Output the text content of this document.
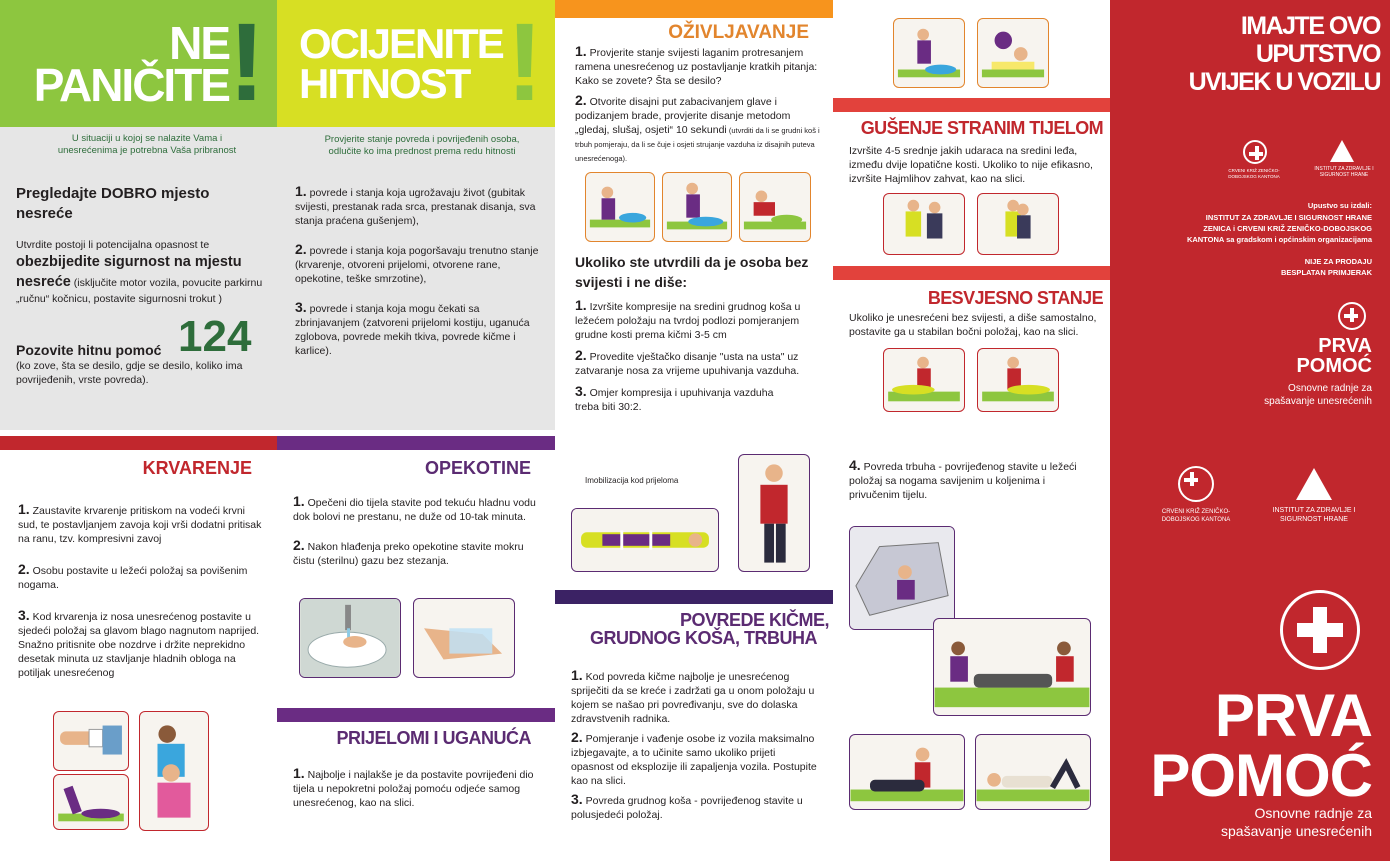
NE
PANIČITE !
U situaciji u kojoj se nalazite Vama i unesrećenima je potrebna Vaša pribranost
Pregledajte DOBRO mjesto nesreće
Utvrdite postoji li potencijalna opasnost te
obezbijedite sigurnost na mjestu nesreće (isključite motor vozila, povucite parkirnu „ručnu“ kočnicu, postavite sigurnosni trokut )
Pozovite hitnu pomoć 124
(ko zove, šta se desilo, gdje se desilo, koliko ima povrijeđenih, vrste povreda).
OCIJENITE
HITNOST !
Provjerite stanje povreda i povrijeđenih osoba, odlučite ko ima prednost prema redu hitnosti

1. povrede i stanja koja ugrožavaju život (gubitak svijesti, prestanak rada srca, prestanak disanja, sva stanja praćena gušenjem),

2. povrede i stanja koja pogoršavaju trenutno stanje (krvarenje, otvoreni prijelomi, otvorene rane, opekotine, teške smrzotine),

3. povrede i stanja koja mogu čekati sa zbrinjavanjem (zatvoreni prijelomi kostiju, uganuća zglobova, povrede mekih tkiva, povrede kičme i karlice).

OŽIVLJAVANJE

1. Provjerite stanje svijesti laganim protresanjem ramena unesrećenog uz postavljanje kratkih pitanja: Kako se zovete? Šta se desilo?

2. Otvorite disajni put zabacivanjem glave i podizanjem brade, provjerite disanje metodom „gledaj, slušaj, osjeti“ 10 sekundi (utvrditi da li se grudni koš i trbuh pomjeraju, da li se čuje i osjeti strujanje vazduha iz disajnih puteva unesrećenoga).

Ukoliko ste utvrdili da je osoba bez svijesti i ne diše:

1. Izvršite kompresije na sredini grudnog koša u ležećem položaju na tvrdoj podlozi pomjeranjem grudne kosti prema kičmi 3-5 cm

2. Provedite vještačko disanje "usta na usta" uz zatvaranje nosa za vrijeme upuhivanja vazduha.

3. Omjer kompresija i upuhivanja vazduha treba biti 30:2.

GUŠENJE STRANIM TIJELOM
Izvršite 4-5 srednje jakih udaraca na sredini leđa, između dvije lopatične kosti. Ukoliko to nije efikasno, izvršite Hajmlihov zahvat, kao na slici.
BESVJESNO STANJE
Ukoliko je unesrećeni bez svijesti, a diše samostalno, postavite ga u stabilan bočni položaj, kao na slici.
IMAJTE OVO UPUTSTVO UVIJEK U VOZILU
CRVENI KRIŽ ZENIČKO-DOBOJSKOG KANTONA
INSTITUT ZA ZDRAVLJE I SIGURNOST HRANE
Upustvo su izdali:
INSTITUT ZA ZDRAVLJE I SIGURNOST HRANE ZENICA i CRVENI KRIŽ ZENIČKO-DOBOJSKOG KANTONA sa gradskom i općinskim organizacijama
NIJE ZA PRODAJU BESPLATAN PRIMJERAK
PRVA
POMOĆ
Osnovne radnje za spašavanje unesrećenih
KRVARENJE

1. Zaustavite krvarenje pritiskom na vodeći krvni sud, te postavljanjem zavoja koji vrši dodatni pritisak na ranu, tzv. kompresivni zavoj

2. Osobu postavite u ležeći položaj sa povišenim nogama.

3. Kod krvarenja iz nosa unesrećenog postavite u sjedeći položaj sa glavom blago nagnutom naprijed. Snažno pritisnite obe nozdrve i držite neprekidno desetak minuta uz stavljanje hladnih obloga na potiljak unesrećenog

OPEKOTINE

1. Opečeni dio tijela stavite pod tekuću hladnu vodu dok bolovi ne prestanu, ne duže od 10-tak minuta.

2. Nakon hlađenja preko opekotine stavite mokru čistu (sterilnu) gazu bez stezanja.

PRIJELOMI I UGANUĆA

1. Najbolje i najlakše je da postavite povrijeđeni dio tijela u nepokretni položaj pomoću odjeće samog unesrećenog, kao na slici.

Imobilizacija kod prijeloma
POVREDE KIČME,
GRUDNOG KOŠA, TRBUHA

1. Kod povreda kičme najbolje je unesrećenog spriječiti da se kreće i zadržati ga u onom položaju u kojem se našao pri povređivanju, sve do dolaska zdravstvenih radnika.

2. Pomjeranje i vađenje osobe iz vozila maksimalno izbjegavajte, a to učinite samo ukoliko prijeti opasnost od eksplozije ili zapaljenja vozila. Postupite kao na slici.

3. Povreda grudnog koša - povrijeđenog stavite u polusjedeći položaj.

4. Povreda trbuha - povrijeđenog stavite u ležeći položaj sa nogama savijenim u koljenima i privučenim tijelu.

CRVENI KRIŽ ZENIČKO-DOBOJSKOG KANTONA
INSTITUT ZA ZDRAVLJE I SIGURNOST HRANE
PRVA
POMOĆ
Osnovne radnje za spašavanje unesrećenih
